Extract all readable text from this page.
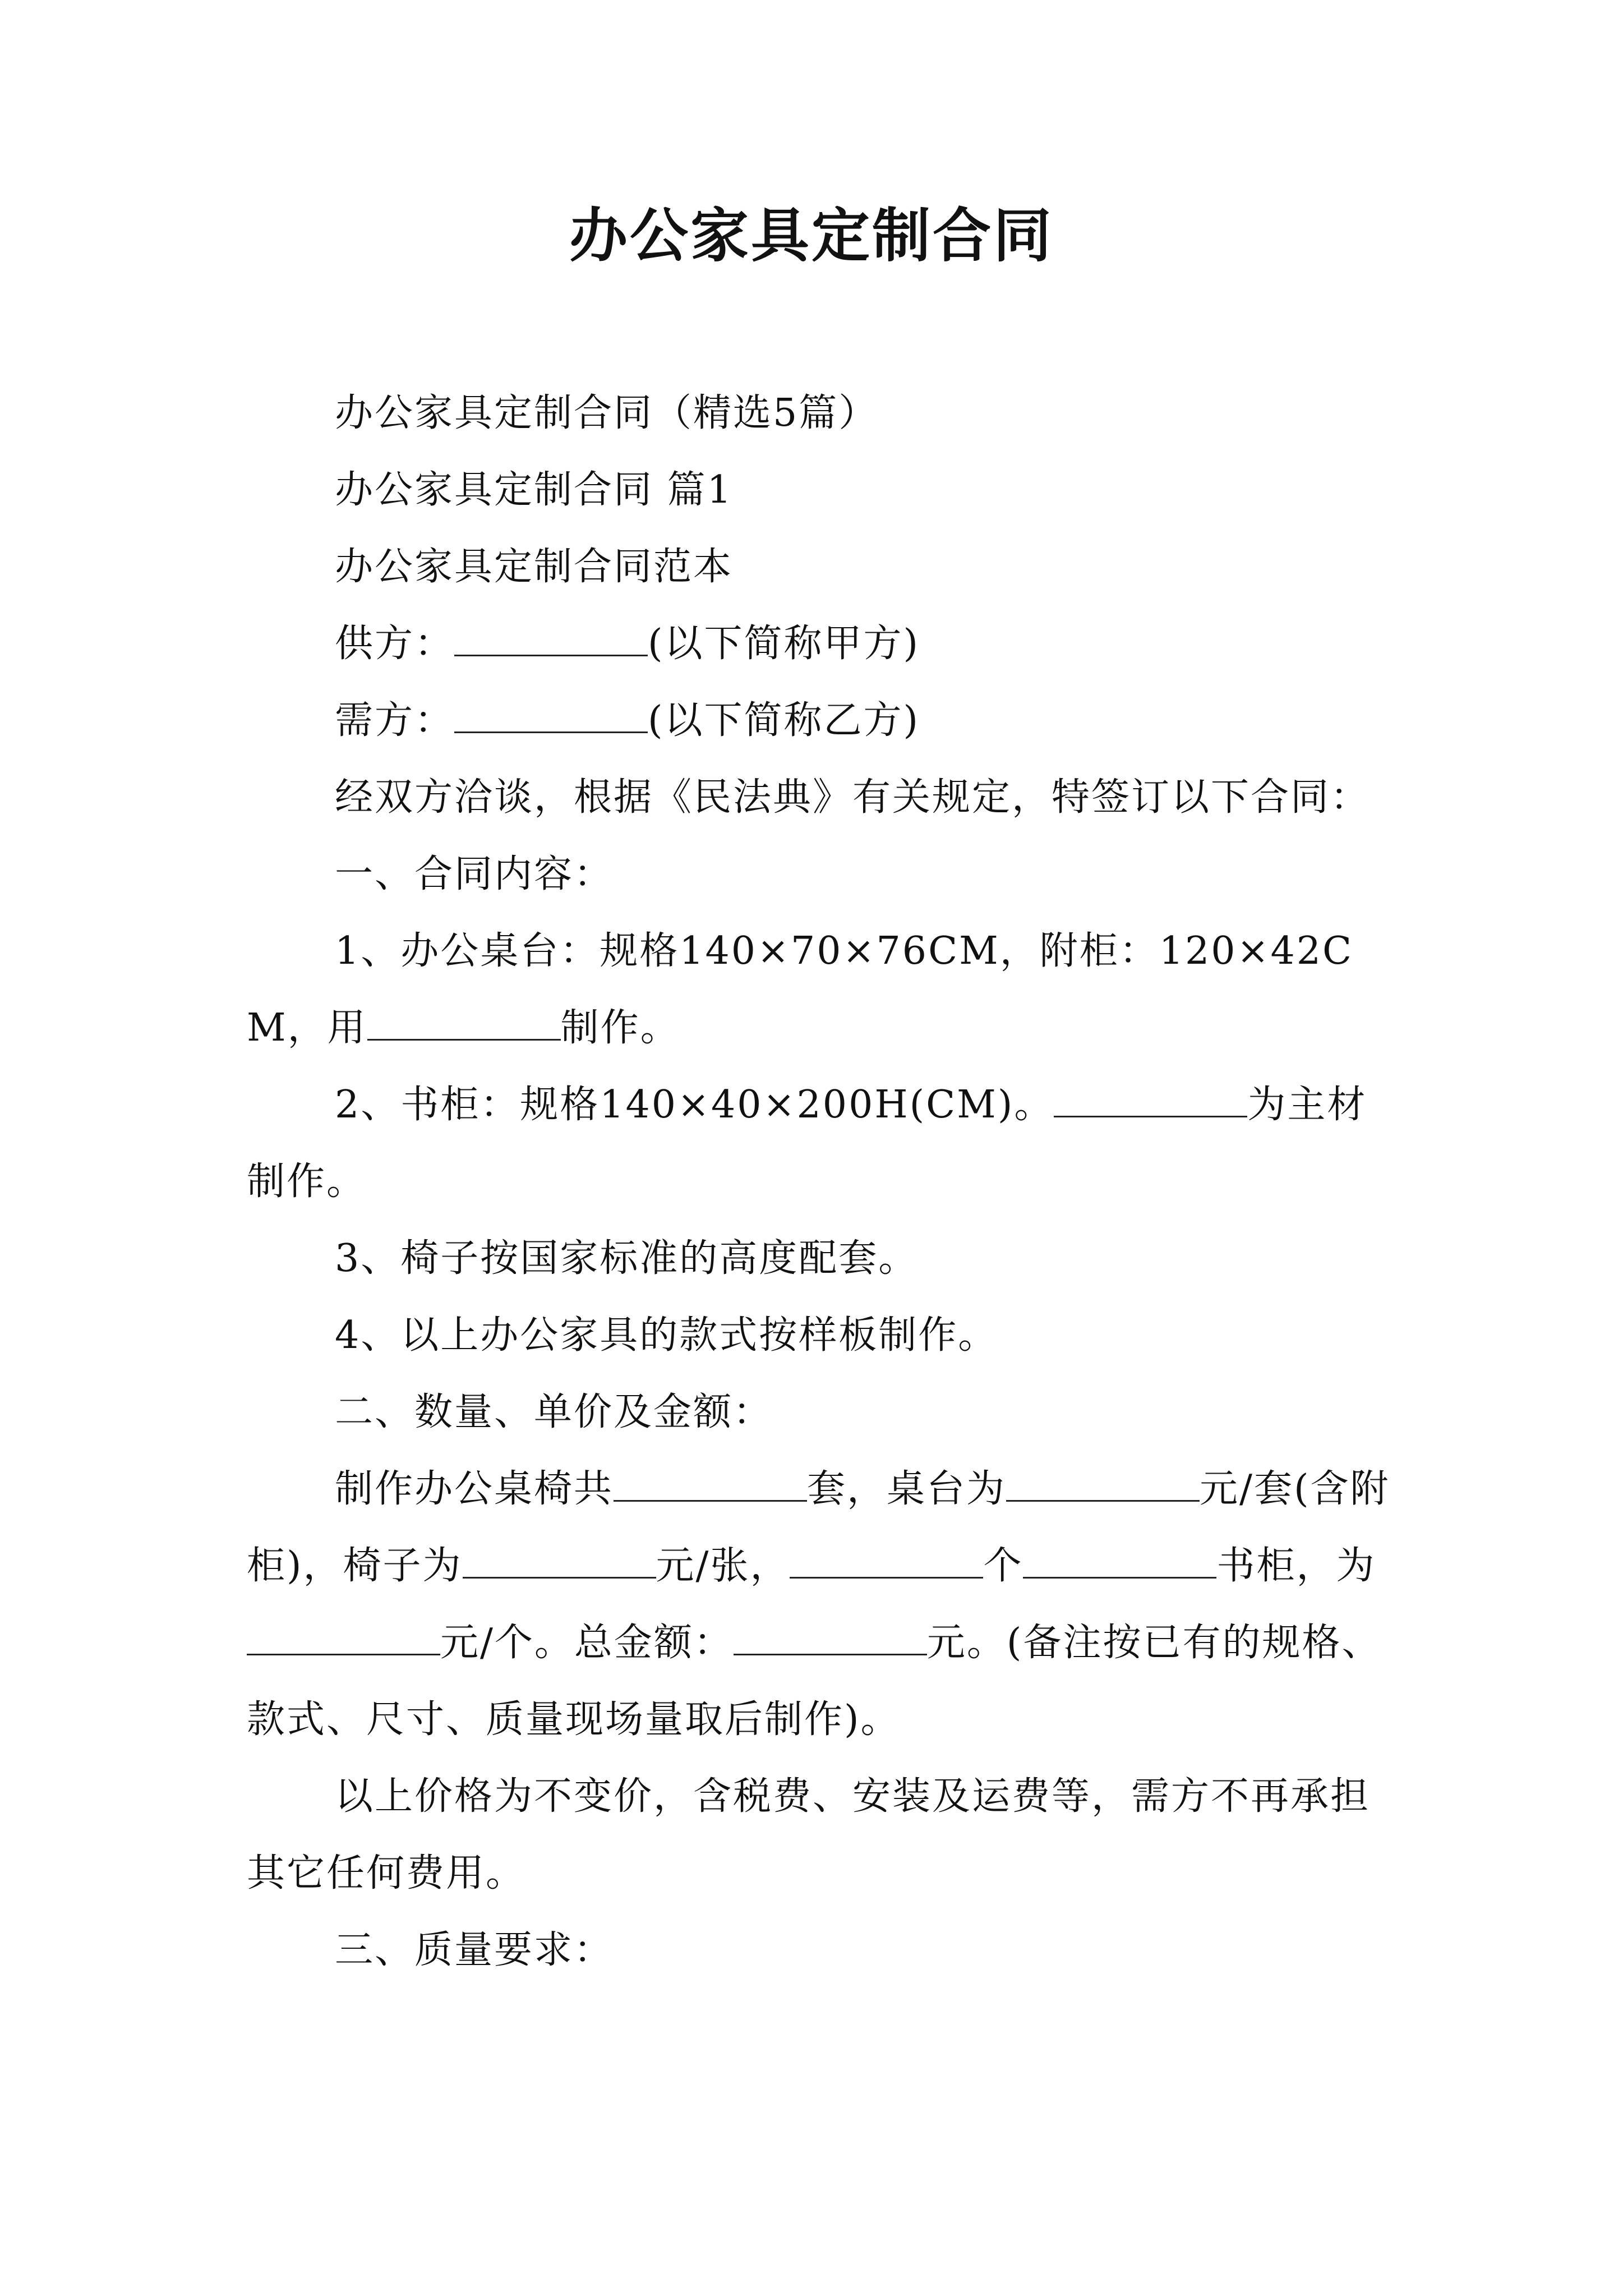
办公家具定制合同

办公家具定制合同（精选5篇）

办公家具定制合同 篇1

办公家具定制合同范本

供方：	(以下简称甲方)

需方：	(以下简称乙方)

经双方洽谈，根据《民法典》有关规定，特签订以下合同：

一、合同内容：

1、办公桌台：规格140×70×76CM，附柜：120×42CM，用	制作。

2、书柜：规格140×40×200H(CM)。	为主材制作。

3、椅子按国家标准的高度配套。

4、以上办公家具的款式按样板制作。

二、数量、单价及金额：

制作办公桌椅共	套，桌台为	元/套(含附柜)，椅子为	元/张，	个	书柜，为元/个。总金额：	元。(备注按已有的规格、款式、尺寸、质量现场量取后制作)。

以上价格为不变价，含税费、安装及运费等，需方不再承担其它任何费用。

三、质量要求：
